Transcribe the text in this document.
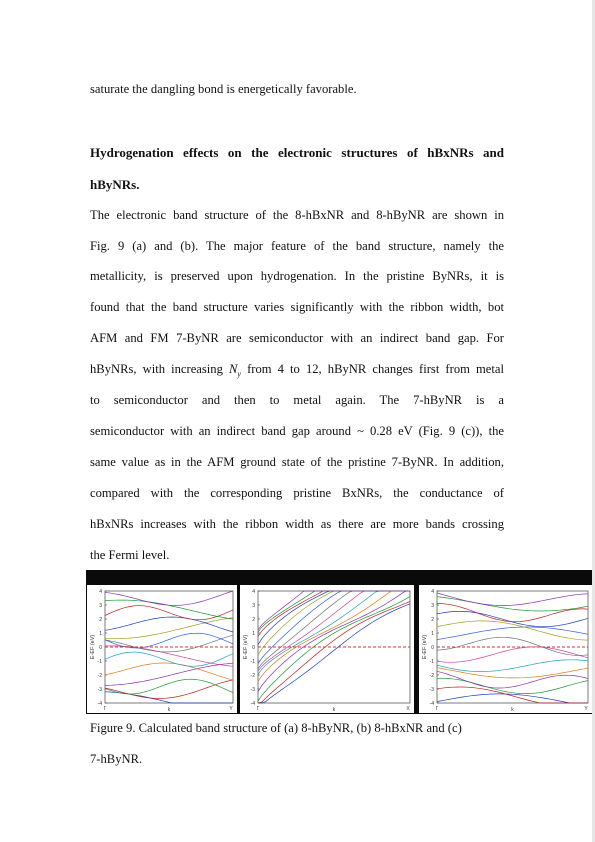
saturate the dangling bond is energetically favorable.
Hydrogenation effects on the electronic structures of hBxNRs and
hByNRs.
The electronic band structure of the 8-hBxNR and 8-hByNR are shown in
Fig. 9 (a) and (b). The major feature of the band structure, namely the
metallicity, is preserved upon hydrogenation. In the pristine ByNRs, it is
found that the band structure varies significantly with the ribbon width, bot
AFM and FM 7-ByNR are semiconductor with an indirect band gap. For
hByNRs, with increasing $N_y$ from 4 to 12, hByNR changes first from metal
to semiconductor and then to metal again. The 7-hByNR is a
semiconductor with an indirect band gap around ~ 0.28 eV (Fig. 9 (c)), the
same value as in the AFM ground state of the pristine 7-ByNR. In addition,
compared with the corresponding pristine BxNRs, the conductance of
hBxNRs increases with the ribbon width as there are more bands crossing
the Fermi level.
4
3
2
1
0
-1
-2
-3
-4
E-EF (eV)
Γ	Y
k
4
3
2
1
0
-1
-2
-3
-4
E-EF (eV)
Γ	X
k
4
3
2
1
0
-1
-2
-3
-4
E-EF (eV)
Γ	Y
k
Figure 9. Calculated band structure of (a) 8-hByNR, (b) 8-hBxNR and (c)
7-hByNR.
